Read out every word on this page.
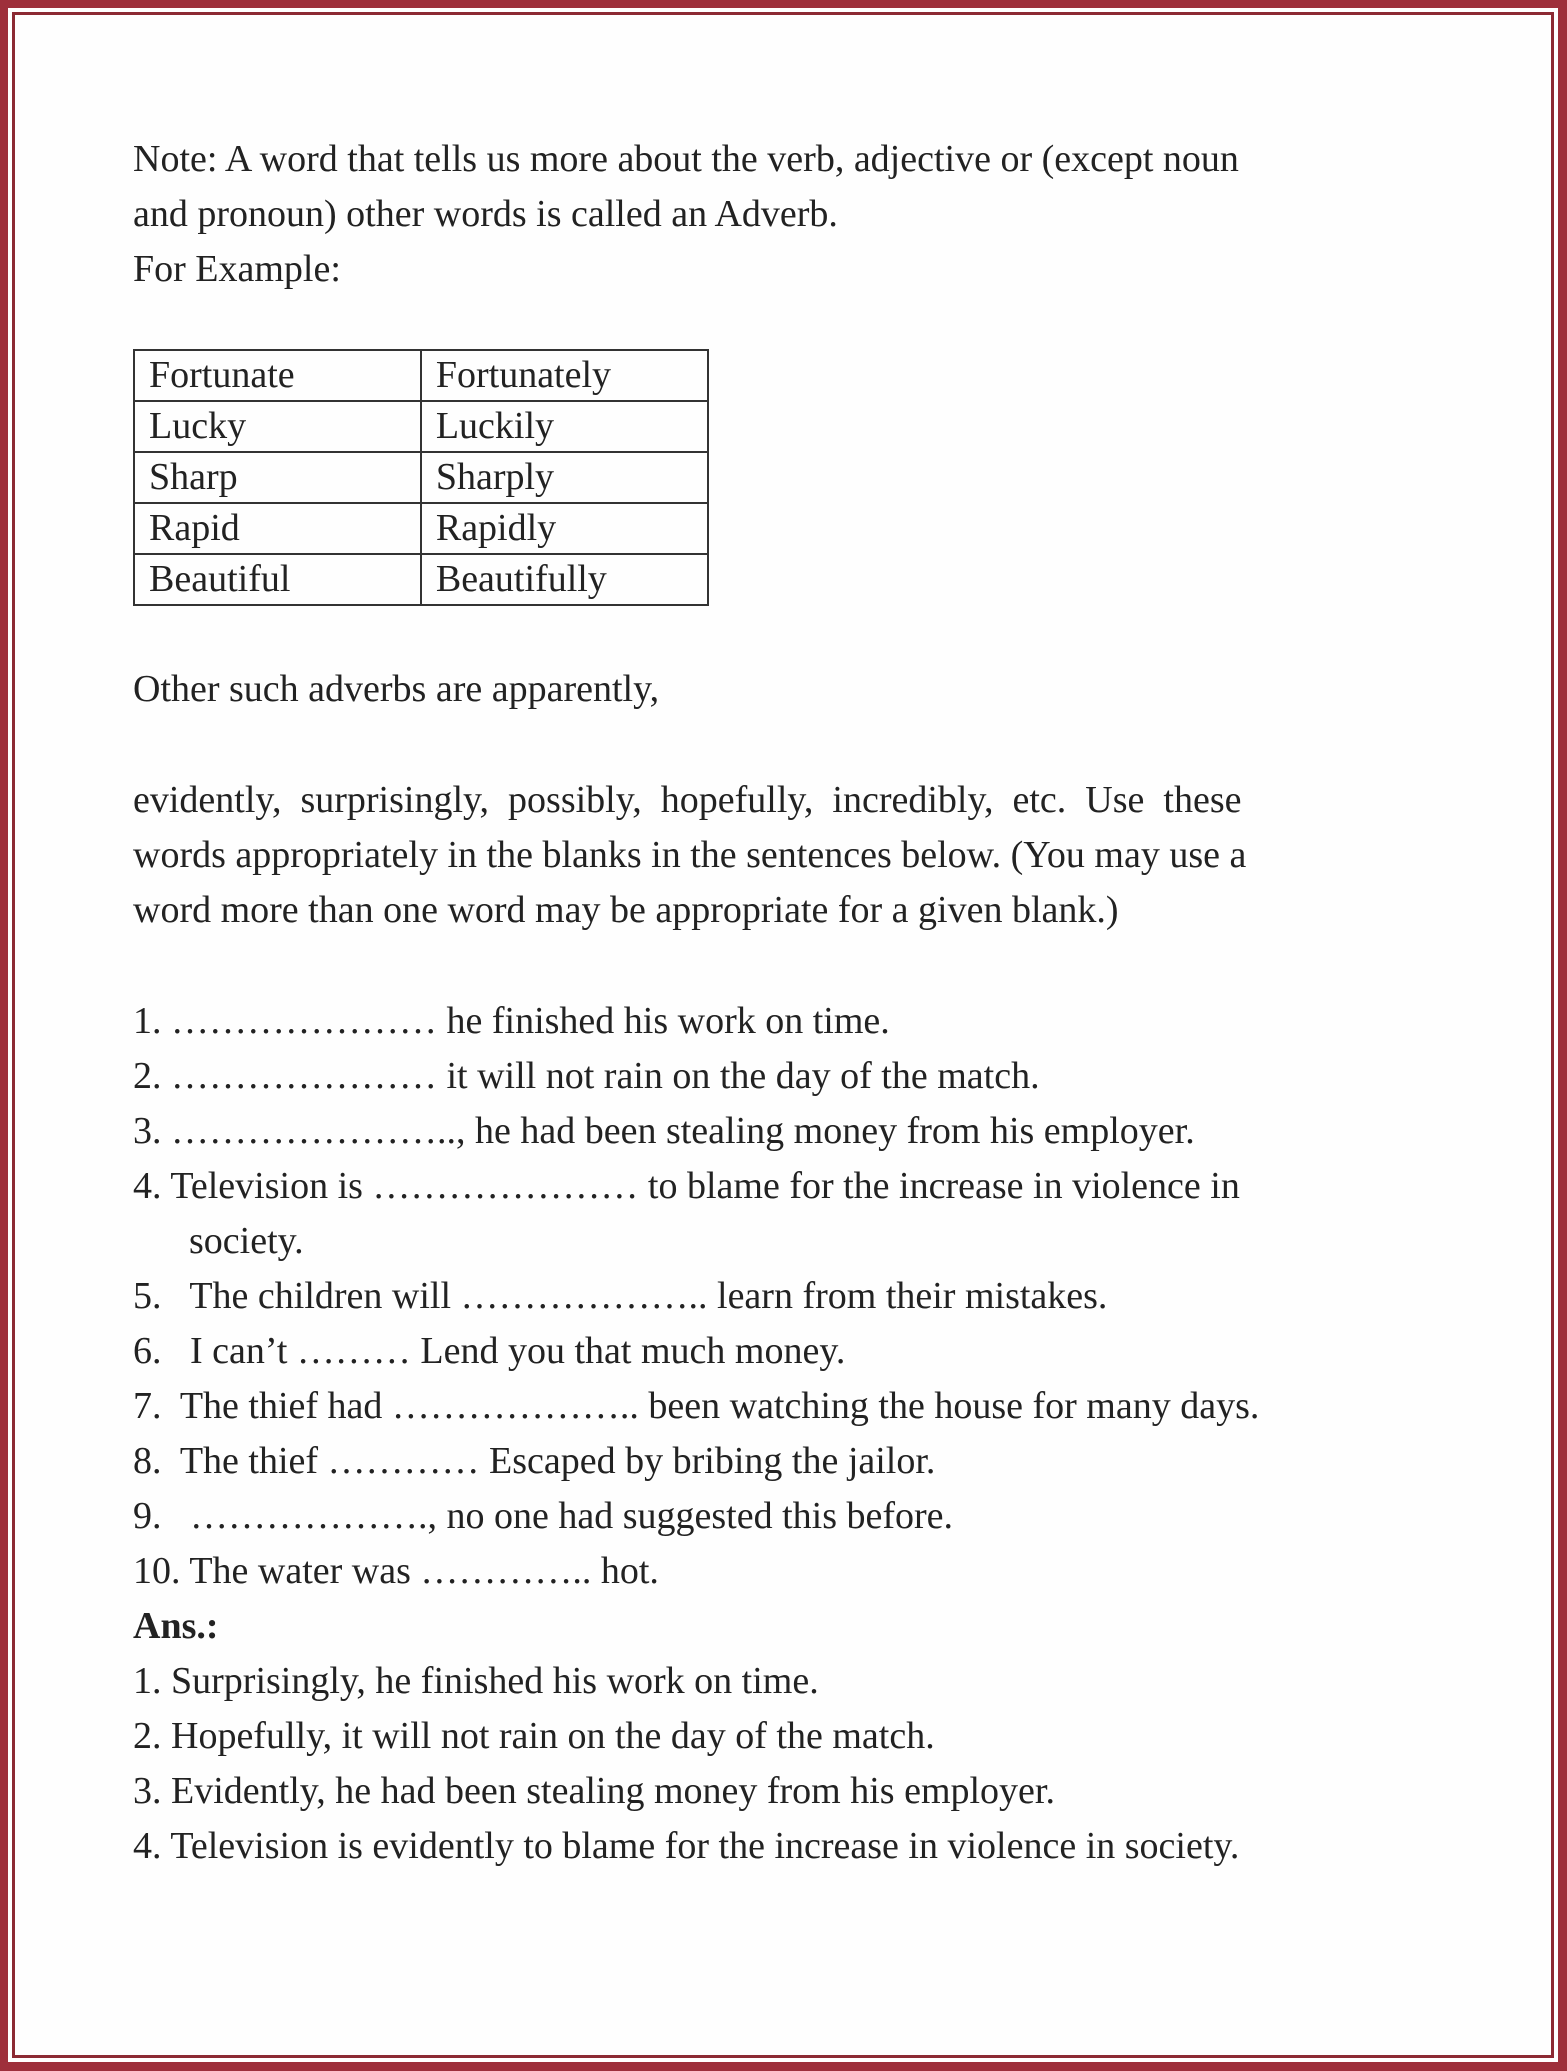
Note: A word that tells us more about the verb, adjective or (except noun

and pronoun) other words is called an Adverb.

For Example:

Fortunate	Fortunately
Lucky	Luckily
Sharp	Sharply
Rapid	Rapidly
Beautiful	Beautifully

Other such adverbs are apparently,

evidently,  surprisingly,  possibly,  hopefully,  incredibly,  etc.  Use  these

words appropriately in the blanks in the sentences below. (You may use a

word more than one word may be appropriate for a given blank.)

1. ………………… he finished his work on time.
2. ………………… it will not rain on the day of the match.
3. ………………….., he had been stealing money from his employer.
4. Television is ………………… to blame for the increase in violence in
society.
5.   The children will ……………….. learn from their mistakes.
6.   I can’t ……… Lend you that much money.
7.  The thief had ……………….. been watching the house for many days.
8.  The thief ………… Escaped by bribing the jailor.
9.   ………………., no one had suggested this before.
10. The water was ………….. hot.

Ans.:

1. Surprisingly, he finished his work on time.
2. Hopefully, it will not rain on the day of the match.
3. Evidently, he had been stealing money from his employer.
4. Television is evidently to blame for the increase in violence in society.
